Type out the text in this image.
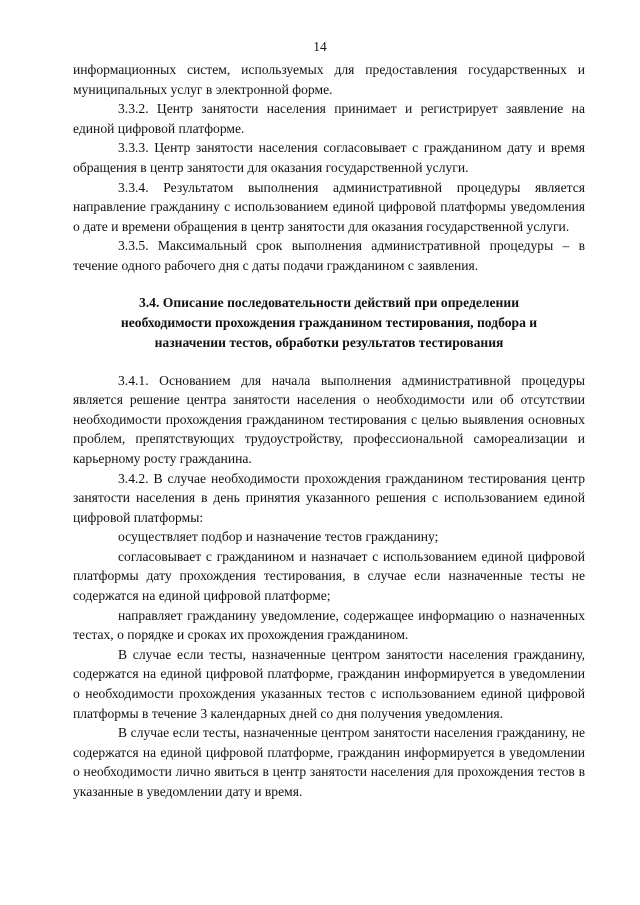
14

информационных систем, используемых для предоставления государственных и муниципальных услуг в электронной форме.

3.3.2. Центр занятости населения принимает и регистрирует заявление на единой цифровой платформе.

3.3.3. Центр занятости населения согласовывает с гражданином дату и время обращения в центр занятости для оказания государственной услуги.

3.3.4. Результатом выполнения административной процедуры является направление гражданину с использованием единой цифровой платформы уведомления о дате и времени обращения в центр занятости для оказания государственной услуги.

3.3.5. Максимальный срок выполнения административной процедуры – в течение одного рабочего дня с даты подачи гражданином с заявления.

3.4. Описание последовательности действий при определении
необходимости прохождения гражданином тестирования, подбора и
назначении тестов, обработки результатов тестирования

3.4.1. Основанием для начала выполнения административной процедуры является решение центра занятости населения о необходимости или об отсутствии необходимости прохождения гражданином тестирования с целью выявления основных проблем, препятствующих трудоустройству, профессиональной самореализации и карьерному росту гражданина.

3.4.2. В случае необходимости прохождения гражданином тестирования центр занятости населения в день принятия указанного решения с использованием единой цифровой платформы:

осуществляет подбор и назначение тестов гражданину;

согласовывает с гражданином и назначает с использованием единой цифровой платформы дату прохождения тестирования, в случае если назначенные тесты не содержатся на единой цифровой платформе;

направляет гражданину уведомление, содержащее информацию о назначенных тестах, о порядке и сроках их прохождения гражданином.

В случае если тесты, назначенные центром занятости населения гражданину, содержатся на единой цифровой платформе, гражданин информируется в уведомлении о необходимости прохождения указанных тестов с использованием единой цифровой платформы в течение 3 календарных дней со дня получения уведомления.

В случае если тесты, назначенные центром занятости населения гражданину, не содержатся на единой цифровой платформе, гражданин информируется в уведомлении о необходимости лично явиться в центр занятости населения для прохождения тестов в указанные в уведомлении дату и время.
